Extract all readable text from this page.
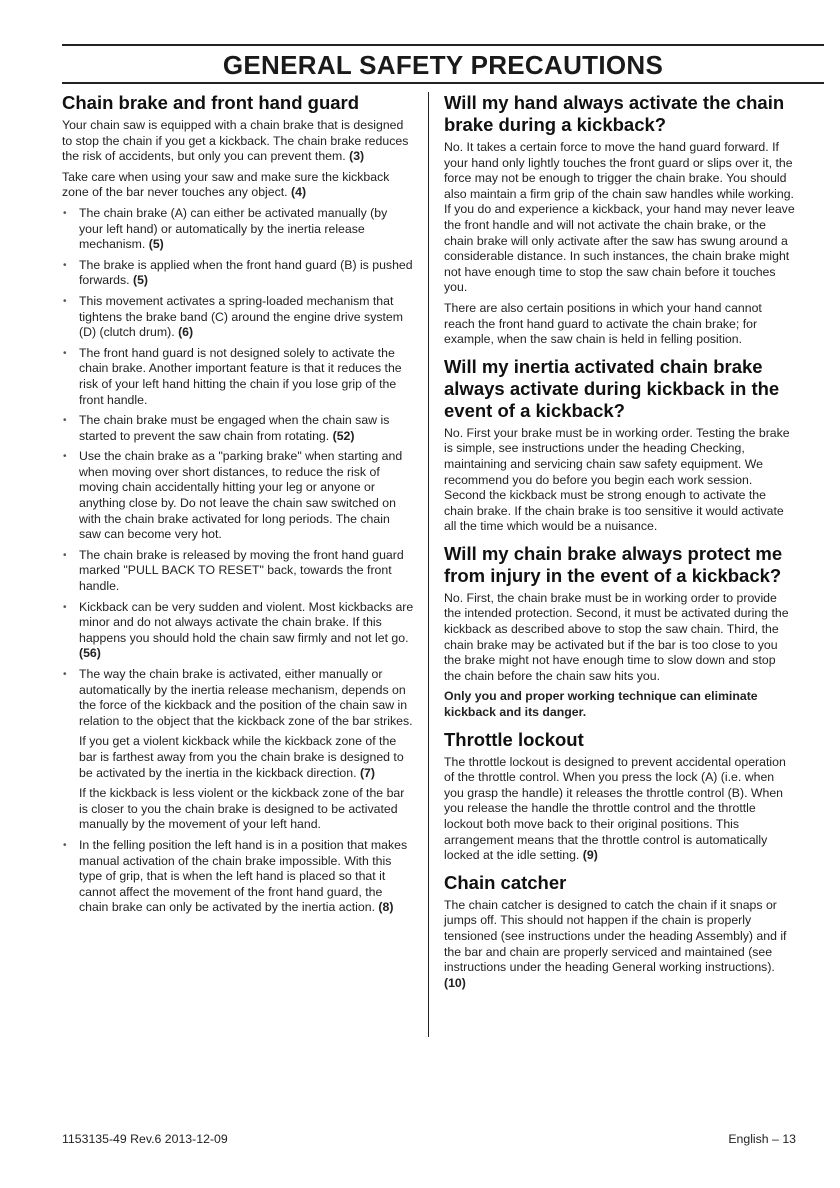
GENERAL SAFETY PRECAUTIONS
Chain brake and front hand guard

Your chain saw is equipped with a chain brake that is designed to stop the chain if you get a kickback. The chain brake reduces the risk of accidents, but only you can prevent them. (3)

Take care when using your saw and make sure the kickback zone of the bar never touches any object. (4)

• The chain brake (A) can either be activated manually (by your left hand) or automatically by the inertia release mechanism. (5)
• The brake is applied when the front hand guard (B) is pushed forwards. (5)
• This movement activates a spring-loaded mechanism that tightens the brake band (C) around the engine drive system (D) (clutch drum). (6)
• The front hand guard is not designed solely to activate the chain brake. Another important feature is that it reduces the risk of your left hand hitting the chain if you lose grip of the front handle.
• The chain brake must be engaged when the chain saw is started to prevent the saw chain from rotating. (52)
• Use the chain brake as a "parking brake" when starting and when moving over short distances, to reduce the risk of moving chain accidentally hitting your leg or anyone or anything close by. Do not leave the chain saw switched on with the chain brake activated for long periods. The chain saw can become very hot.
• The chain brake is released by moving the front hand guard marked "PULL BACK TO RESET" back, towards the front handle.
• Kickback can be very sudden and violent. Most kickbacks are minor and do not always activate the chain brake. If this happens you should hold the chain saw firmly and not let go. (56)
• The way the chain brake is activated, either manually or automatically by the inertia release mechanism, depends on the force of the kickback and the position of the chain saw in relation to the object that the kickback zone of the bar strikes.
If you get a violent kickback while the kickback zone of the bar is farthest away from you the chain brake is designed to be activated by the inertia in the kickback direction. (7)
If the kickback is less violent or the kickback zone of the bar is closer to you the chain brake is designed to be activated manually by the movement of your left hand.
• In the felling position the left hand is in a position that makes manual activation of the chain brake impossible. With this type of grip, that is when the left hand is placed so that it cannot affect the movement of the front hand guard, the chain brake can only be activated by the inertia action. (8)
Will my hand always activate the chain brake during a kickback?

No. It takes a certain force to move the hand guard forward. If your hand only lightly touches the front guard or slips over it, the force may not be enough to trigger the chain brake. You should also maintain a firm grip of the chain saw handles while working. If you do and experience a kickback, your hand may never leave the front handle and will not activate the chain brake, or the chain brake will only activate after the saw has swung around a considerable distance. In such instances, the chain brake might not have enough time to stop the saw chain before it touches you.

There are also certain positions in which your hand cannot reach the front hand guard to activate the chain brake; for example, when the saw chain is held in felling position.

Will my inertia activated chain brake always activate during kickback in the event of a kickback?

No. First your brake must be in working order. Testing the brake is simple, see instructions under the heading Checking, maintaining and servicing chain saw safety equipment. We recommend you do before you begin each work session. Second the kickback must be strong enough to activate the chain brake. If the chain brake is too sensitive it would activate all the time which would be a nuisance.

Will my chain brake always protect me from injury in the event of a kickback?

No. First, the chain brake must be in working order to provide the intended protection. Second, it must be activated during the kickback as described above to stop the saw chain. Third, the chain brake may be activated but if the bar is too close to you the brake might not have enough time to slow down and stop the chain before the chain saw hits you.

Only you and proper working technique can eliminate kickback and its danger.

Throttle lockout

The throttle lockout is designed to prevent accidental operation of the throttle control. When you press the lock (A) (i.e. when you grasp the handle) it releases the throttle control (B). When you release the handle the throttle control and the throttle lockout both move back to their original positions. This arrangement means that the throttle control is automatically locked at the idle setting. (9)

Chain catcher

The chain catcher is designed to catch the chain if it snaps or jumps off. This should not happen if the chain is properly tensioned (see instructions under the heading Assembly) and if the bar and chain are properly serviced and maintained (see instructions under the heading General working instructions). (10)

1153135-49 Rev.6 2013-12-09	English – 13
